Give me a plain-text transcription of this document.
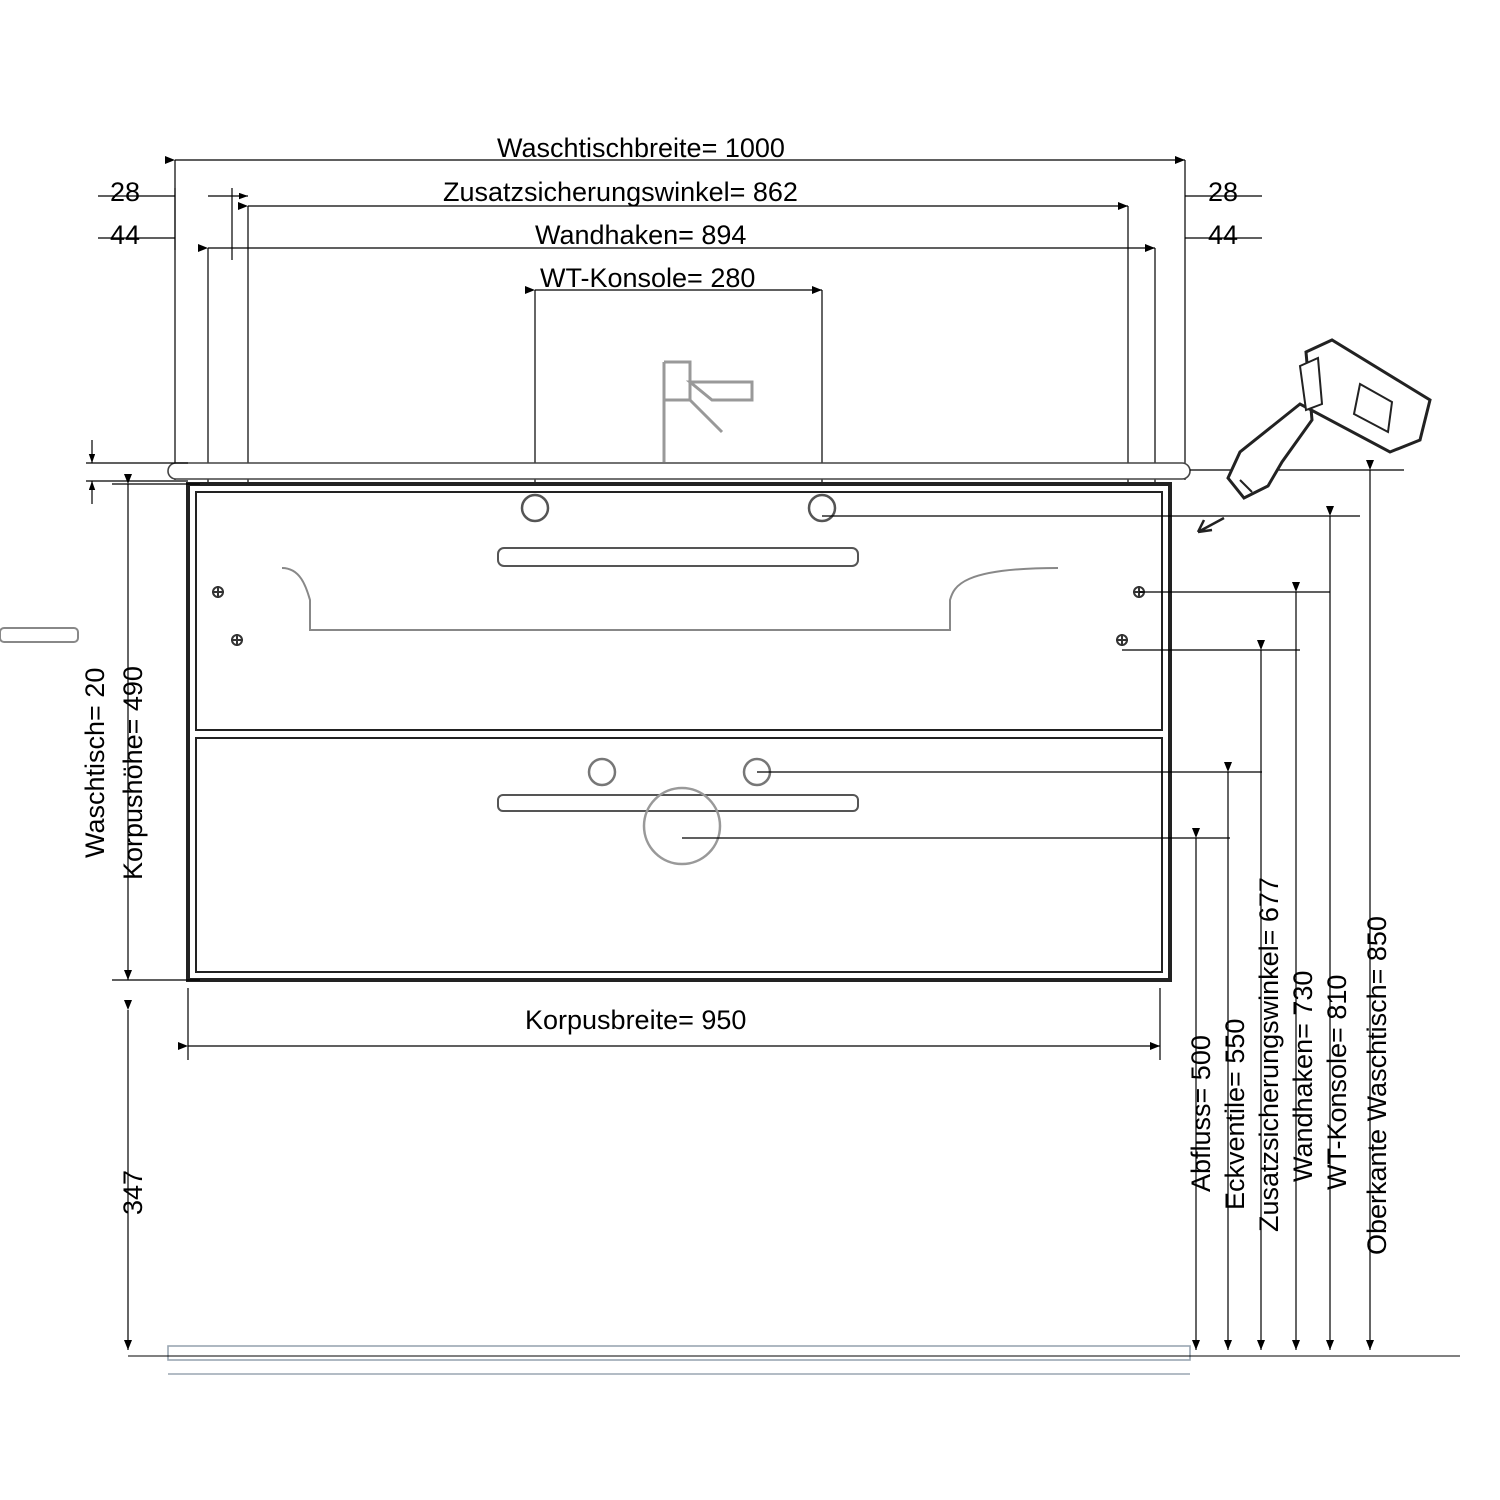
Waschtischbreite= 1000
Zusatzsicherungswinkel= 862
Wandhaken= 894
WT-Konsole= 280
28
44
28
44
Waschtisch= 20 Korpushöhe= 490
347
Korpusbreite= 950
Abfluss= 500 Eckventile= 550 Zusatzsicherungswinkel= 677 Wandhaken= 730 WT-Konsole= 810 Oberkante Waschtisch= 850
